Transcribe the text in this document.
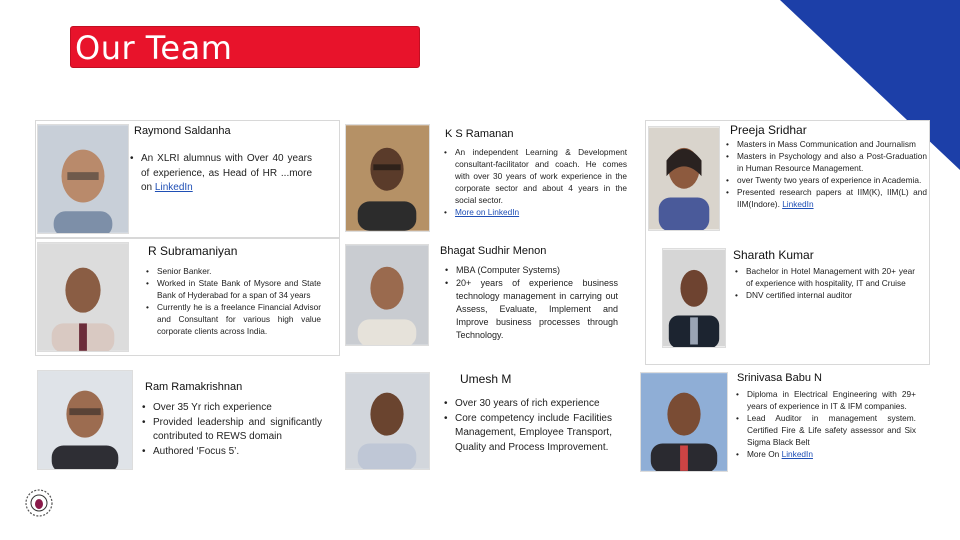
Our Team
Raymond Saldanha
• An XLRI alumnus with Over 40 years of experience, as Head of HR ...more on LinkedIn
K S Ramanan
• An independent Learning & Development consultant-facilitator and coach. He comes with over 30 years of work experience in the corporate sector and about 4 years in the social sector.
• More on LinkedIn
Preeja Sridhar
• Masters in Mass Communication and Journalism
• Masters in Psychology and also a Post-Graduation in Human Resource Management.
• over Twenty two years of experience in Academia.
• Presented research papers at IIM(K), IIM(L) and IIM(Indore). LinkedIn
R Subramaniyan
• Senior Banker.
• Worked in State Bank of Mysore and State Bank of Hyderabad for a span of 34 years
• Currently he is a freelance Financial Advisor and Consultant for various high value corporate clients across India.
Bhagat Sudhir Menon
• MBA (Computer Systems)
• 20+ years of experience business technology management in carrying out Assess, Evaluate, Implement and Improve business processes through Technology.
Sharath Kumar
• Bachelor in Hotel Management with 20+ year of experience with hospitality, IT and Cruise
• DNV certified internal auditor
Ram Ramakrishnan
• Over 35 Yr rich experience
• Provided leadership and significantly contributed to REWS domain
• Authored ‘Focus 5’.
Umesh M
• Over 30 years of rich experience
• Core competency include Facilities Management, Employee Transport, Quality and Process Improvement.
Srinivasa Babu N
• Diploma in Electrical Engineering with 29+ years of experience in IT & IFM companies.
• Lead Auditor in management system. Certified Fire & Life safety assessor and Six Sigma Black Belt
• More On LinkedIn
